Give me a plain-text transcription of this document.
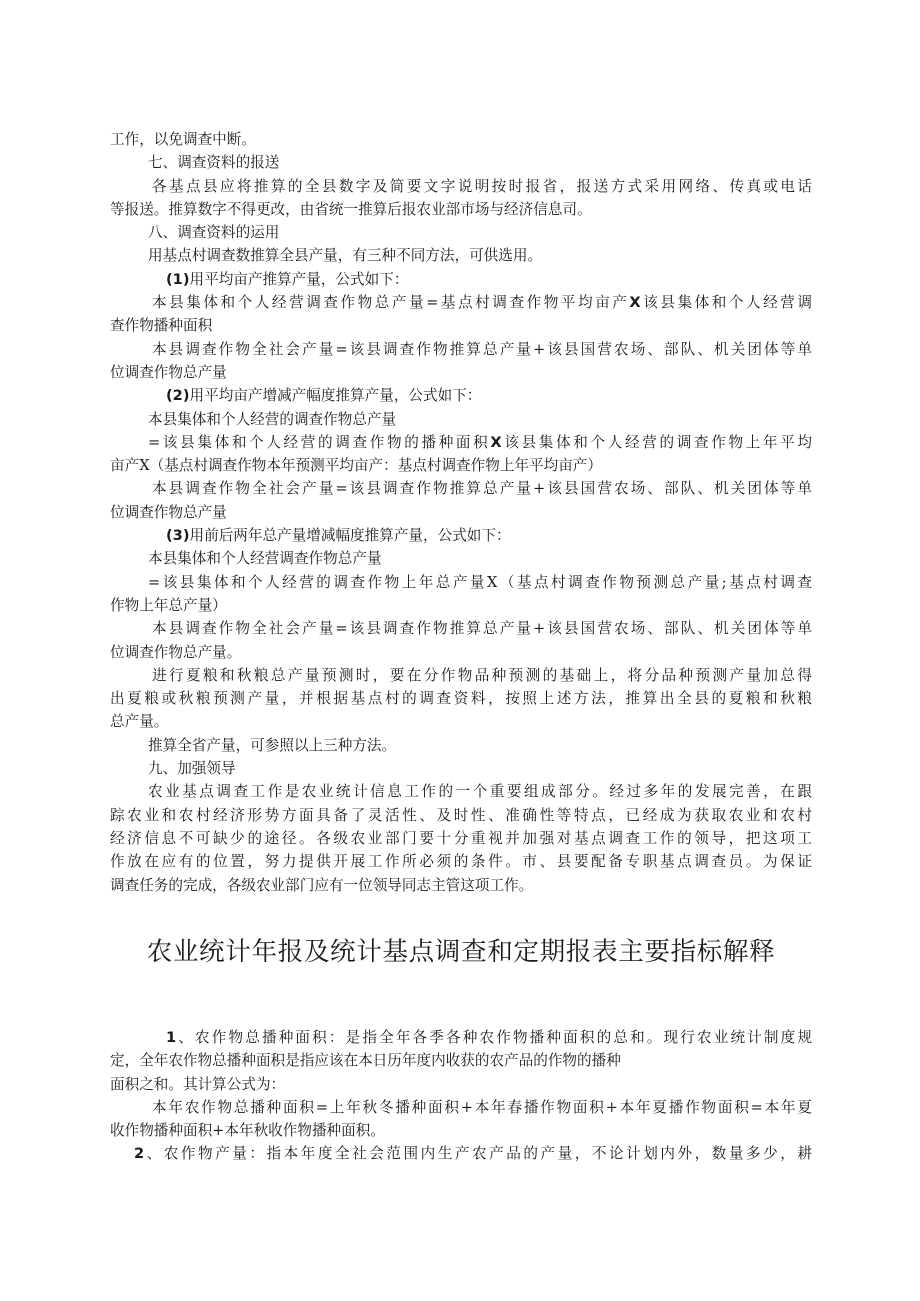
工作，以免调查中断。

七、调查资料的报送

各基点县应将推算的全县数字及简要文字说明按时报省，报送方式采用网络、传真或电话

等报送。推算数字不得更改，由省统一推算后报农业部市场与经济信息司。

八、调查资料的运用

用基点村调查数推算全县产量，有三种不同方法，可供选用。

(1)用平均亩产推算产量，公式如下：

本县集体和个人经营调查作物总产量=基点村调查作物平均亩产X该县集体和个人经营调

查作物播种面积

本县调查作物全社会产量=该县调查作物推算总产量+该县国营农场、部队、机关团体等单

位调查作物总产量

(2)用平均亩产增减产幅度推算产量，公式如下：

本县集体和个人经营的调查作物总产量

=该县集体和个人经营的调查作物的播种面积X该县集体和个人经营的调查作物上年平均

亩产X（基点村调查作物本年预测平均亩产：基点村调查作物上年平均亩产）

本县调查作物全社会产量=该县调查作物推算总产量+该县国营农场、部队、机关团体等单

位调查作物总产量

(3)用前后两年总产量增减幅度推算产量，公式如下：

本县集体和个人经营调查作物总产量

=该县集体和个人经营的调查作物上年总产量X（基点村调查作物预测总产量;基点村调查

作物上年总产量）

本县调查作物全社会产量=该县调查作物推算总产量+该县国营农场、部队、机关团体等单

位调查作物总产量。

进行夏粮和秋粮总产量预测时，要在分作物品种预测的基础上，将分品种预测产量加总得

出夏粮或秋粮预测产量，并根据基点村的调查资料，按照上述方法，推算出全县的夏粮和秋粮

总产量。

推算全省产量，可参照以上三种方法。

九、加强领导

农业基点调查工作是农业统计信息工作的一个重要组成部分。经过多年的发展完善，在跟

踪农业和农村经济形势方面具备了灵活性、及时性、准确性等特点，已经成为获取农业和农村

经济信息不可缺少的途径。各级农业部门要十分重视并加强对基点调查工作的领导，把这项工

作放在应有的位置，努力提供开展工作所必须的条件。市、县要配备专职基点调查员。为保证

调查任务的完成，各级农业部门应有一位领导同志主管这项工作。

农业统计年报及统计基点调查和定期报表主要指标解释

1、农作物总播种面积：是指全年各季各种农作物播种面积的总和。现行农业统计制度规

定，全年农作物总播种面积是指应该在本日历年度内收获的农产品的作物的播种

面积之和。其计算公式为：

本年农作物总播种面积=上年秋冬播种面积+本年春播作物面积+本年夏播作物面积=本年夏

收作物播种面积+本年秋收作物播种面积。

2、农作物产量：指本年度全社会范围内生产农产品的产量，不论计划内外，数量多少，耕
